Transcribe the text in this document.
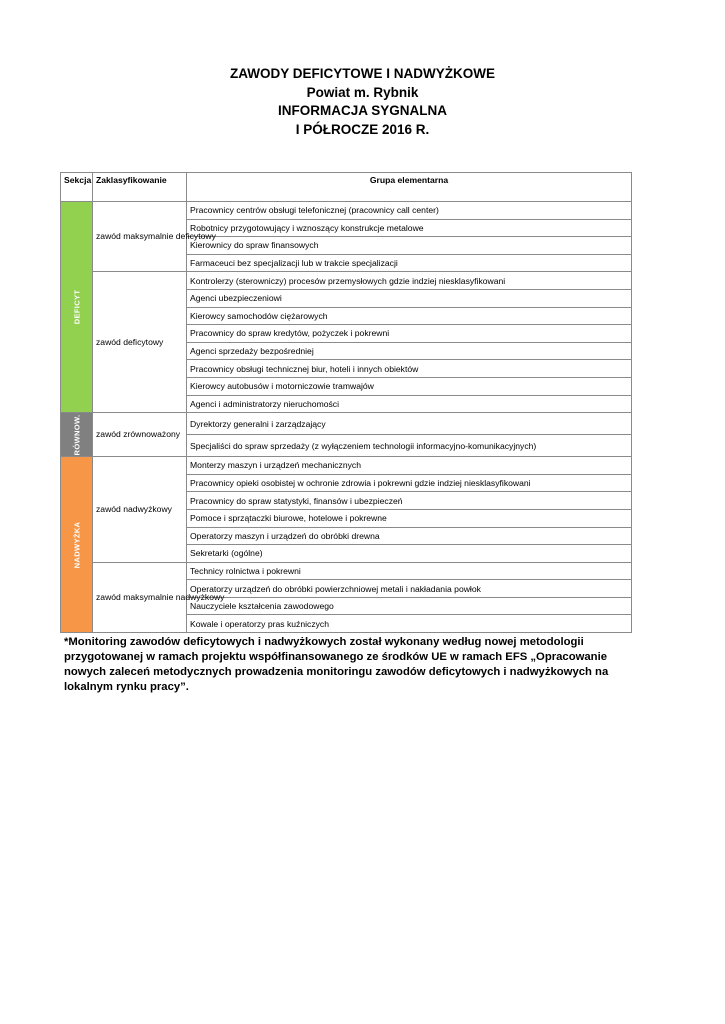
ZAWODY DEFICYTOWE I NADWYŻKOWE
Powiat m. Rybnik
INFORMACJA SYGNALNA
I PÓŁROCZE 2016 R.
Sekcja	Zaklasyfikowanie	Grupa elementarna

DEFICYT	zawód maksymalnie deficytowy	Pracownicy centrów obsługi telefonicznej (pracownicy call center)
		Robotnicy przygotowujący i wznoszący konstrukcje metalowe
		Kierownicy do spraw finansowych
		Farmaceuci bez specjalizacji lub w trakcie specjalizacji
	zawód deficytowy	Kontrolerzy (sterowniczy) procesów przemysłowych gdzie indziej niesklasyfikowani
		Agenci ubezpieczeniowi
		Kierowcy samochodów ciężarowych
		Pracownicy do spraw kredytów, pożyczek i pokrewni
		Agenci sprzedaży bezpośredniej
		Pracownicy obsługi technicznej biur, hoteli i innych obiektów
		Kierowcy autobusów i motorniczowie tramwajów
		Agenci i administratorzy nieruchomości

RÓWNOW.	zawód zrównoważony	Dyrektorzy generalni i zarządzający
		Specjaliści do spraw sprzedaży (z wyłączeniem technologii informacyjno-komunikacyjnych)

NADWYŻKA	zawód nadwyżkowy	Monterzy maszyn i urządzeń mechanicznych
		Pracownicy opieki osobistej w ochronie zdrowia i pokrewni gdzie indziej niesklasyfikowani
		Pracownicy do spraw statystyki, finansów i ubezpieczeń
		Pomoce i sprzątaczki biurowe, hotelowe i pokrewne
		Operatorzy maszyn i urządzeń do obróbki drewna
		Sekretarki (ogólne)
	zawód maksymalnie nadwyżkowy	Technicy rolnictwa i pokrewni
		Operatorzy urządzeń do obróbki powierzchniowej metali i nakładania powłok
		Nauczyciele kształcenia zawodowego
		Kowale i operatorzy pras kuźniczych
*Monitoring zawodów deficytowych i nadwyżkowych został wykonany według nowej metodologii przygotowanej w ramach projektu współfinansowanego ze środków UE w ramach EFS „Opracowanie nowych zaleceń metodycznych prowadzenia monitoringu zawodów deficytowych i nadwyżkowych na lokalnym rynku pracy”.
